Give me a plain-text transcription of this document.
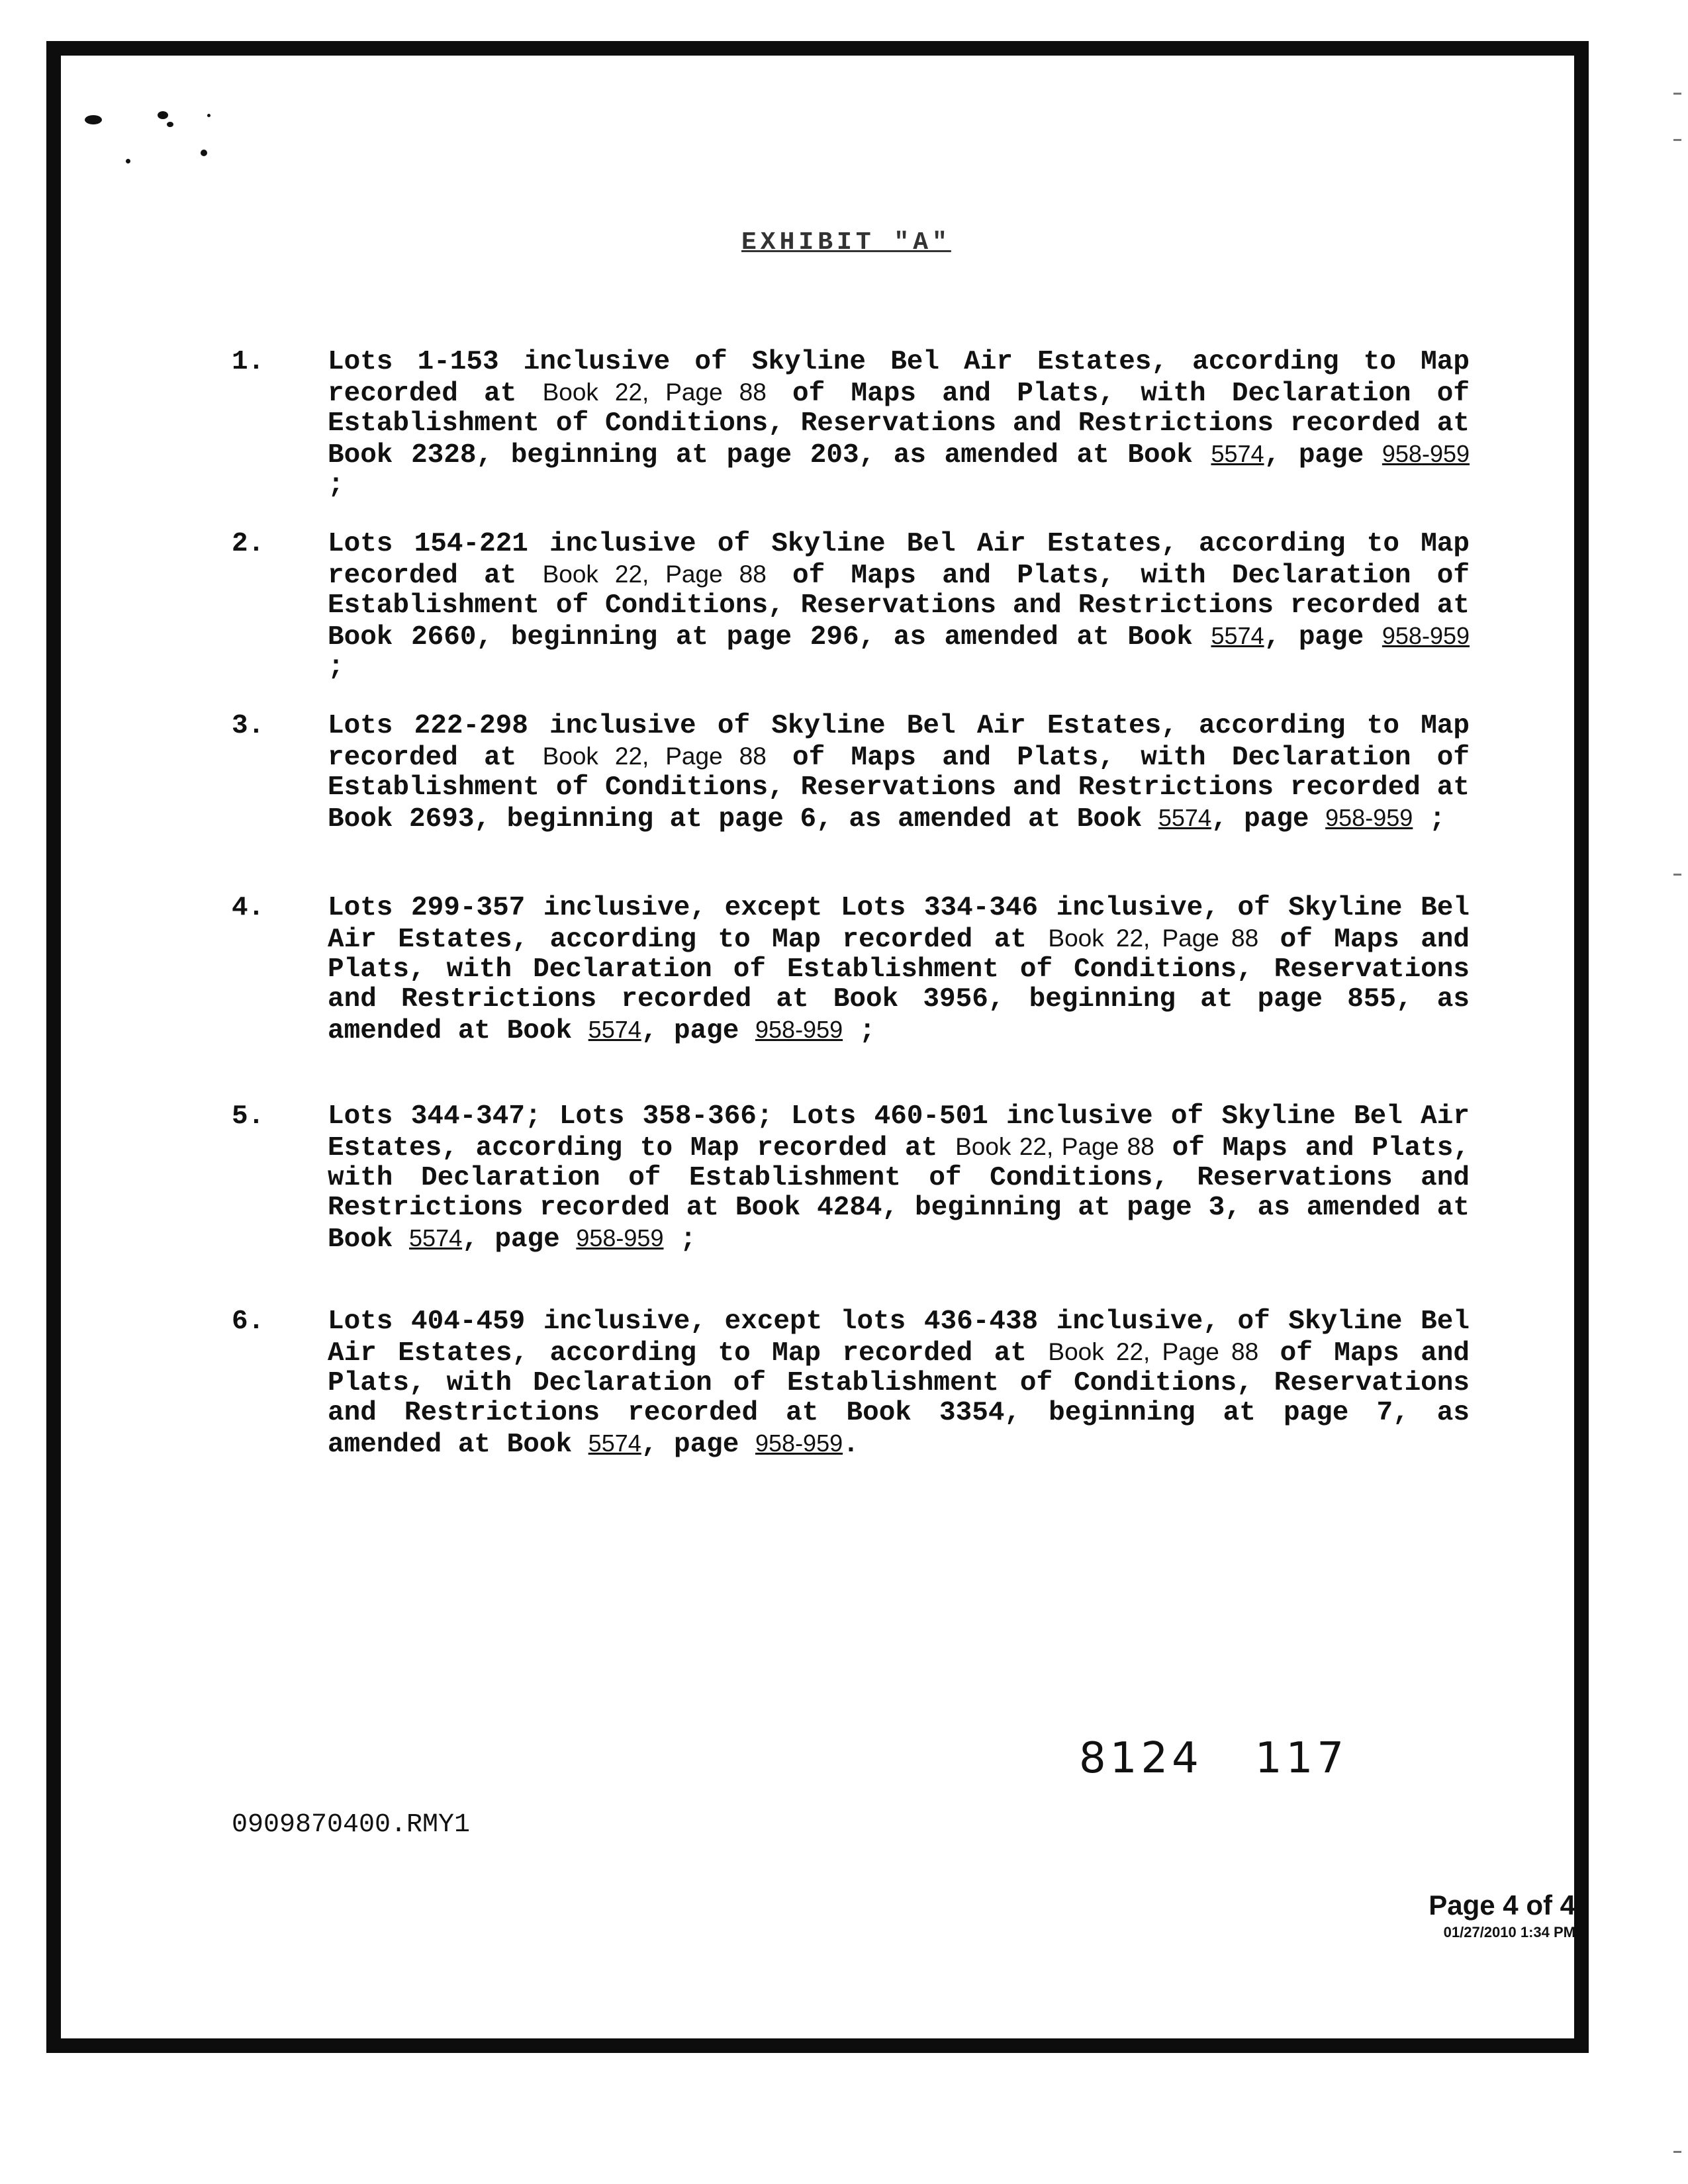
EXHIBIT "A"
1. Lots 1-153 inclusive of Skyline Bel Air Estates, according to Map recorded at Book 22, Page 88 of Maps and Plats, with Declaration of Establishment of Conditions, Reservations and Restrictions recorded at Book 2328, beginning at page 203, as amended at Book 5574, page 958-959 ;
2. Lots 154-221 inclusive of Skyline Bel Air Estates, according to Map recorded at Book 22, Page 88 of Maps and Plats, with Declaration of Establishment of Conditions, Reservations and Restrictions recorded at Book 2660, beginning at page 296, as amended at Book 5574, page 958-959 ;
3. Lots 222-298 inclusive of Skyline Bel Air Estates, according to Map recorded at Book 22, Page 88 of Maps and Plats, with Declaration of Establishment of Conditions, Reservations and Restrictions recorded at Book 2693, beginning at page 6, as amended at Book 5574, page 958-959 ;
4. Lots 299-357 inclusive, except Lots 334-346 inclusive, of Skyline Bel Air Estates, according to Map recorded at Book 22, Page 88 of Maps and Plats, with Declaration of Establishment of Conditions, Reservations and Restrictions recorded at Book 3956, beginning at page 855, as amended at Book 5574, page 958-959 ;
5. Lots 344-347; Lots 358-366; Lots 460-501 inclusive of Skyline Bel Air Estates, according to Map recorded at Book 22, Page 88 of Maps and Plats, with Declaration of Establishment of Conditions, Reservations and Restrictions recorded at Book 4284, beginning at page 3, as amended at Book 5574, page 958-959 ;
6. Lots 404-459 inclusive, except lots 436-438 inclusive, of Skyline Bel Air Estates, according to Map recorded at Book 22, Page 88 of Maps and Plats, with Declaration of Establishment of Conditions, Reservations and Restrictions recorded at Book 3354, beginning at page 7, as amended at Book 5574, page 958-959.
8124   117
0909870400.RMY1
Page 4 of 4
01/27/2010 1:34 PM
